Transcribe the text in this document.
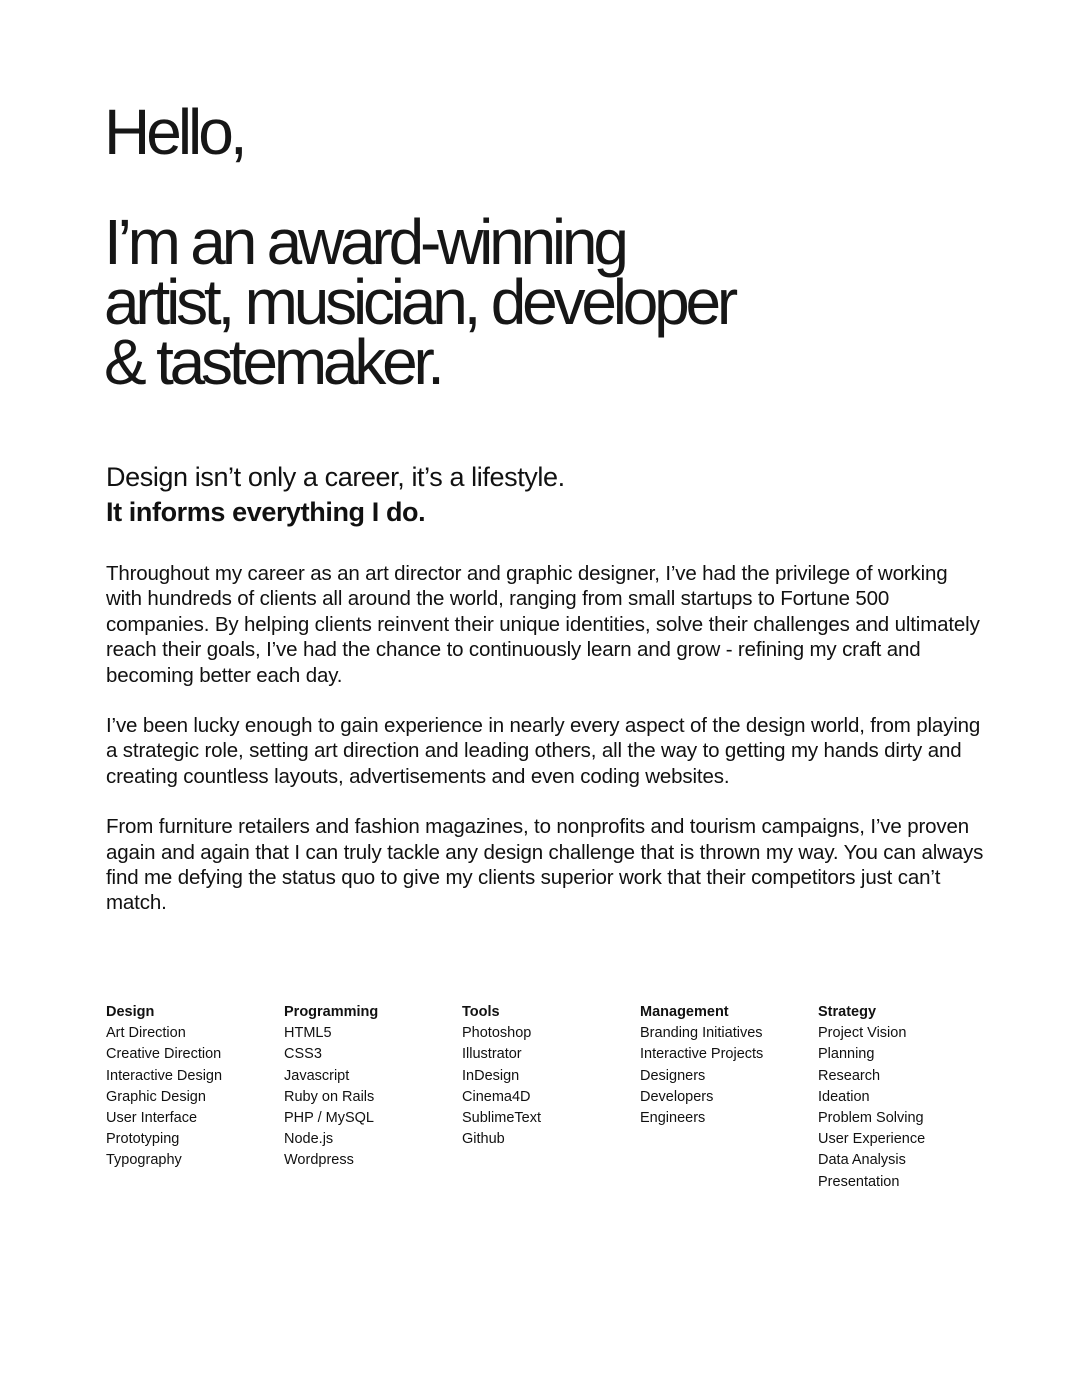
Hello,
I’m an award-winning
artist, musician, developer
& tastemaker.
Design isn’t only a career, it’s a lifestyle.
It informs everything I do.

Throughout my career as an art director and graphic designer, I’ve had the privilege of working with hundreds of clients all around the world, ranging from small startups to Fortune 500 companies. By helping clients reinvent their unique identities, solve their challenges and ultimately reach their goals, I’ve had the chance to continuously learn and grow - refining my craft and becoming better each day.

I’ve been lucky enough to gain experience in nearly every aspect of the design world, from playing a strategic role, setting art direction and leading others, all the way to getting my hands dirty and creating countless layouts, advertisements and even coding websites.

From furniture retailers and fashion magazines, to nonprofits and tourism campaigns, I’ve proven again and again that I can truly tackle any design challenge that is thrown my way. You can always find me defying the status quo to give my clients superior work that their competitors just can’t match.

Design
Art Direction
Creative Direction
Interactive Design
Graphic Design
User Interface
Prototyping
Typography
Programming
HTML5
CSS3
Javascript
Ruby on Rails
PHP / MySQL
Node.js
Wordpress
Tools
Photoshop
Illustrator
InDesign
Cinema4D
SublimeText
Github
Management
Branding Initiatives
Interactive Projects
Designers
Developers
Engineers
Strategy
Project Vision
Planning
Research
Ideation
Problem Solving
User Experience
Data Analysis
Presentation
